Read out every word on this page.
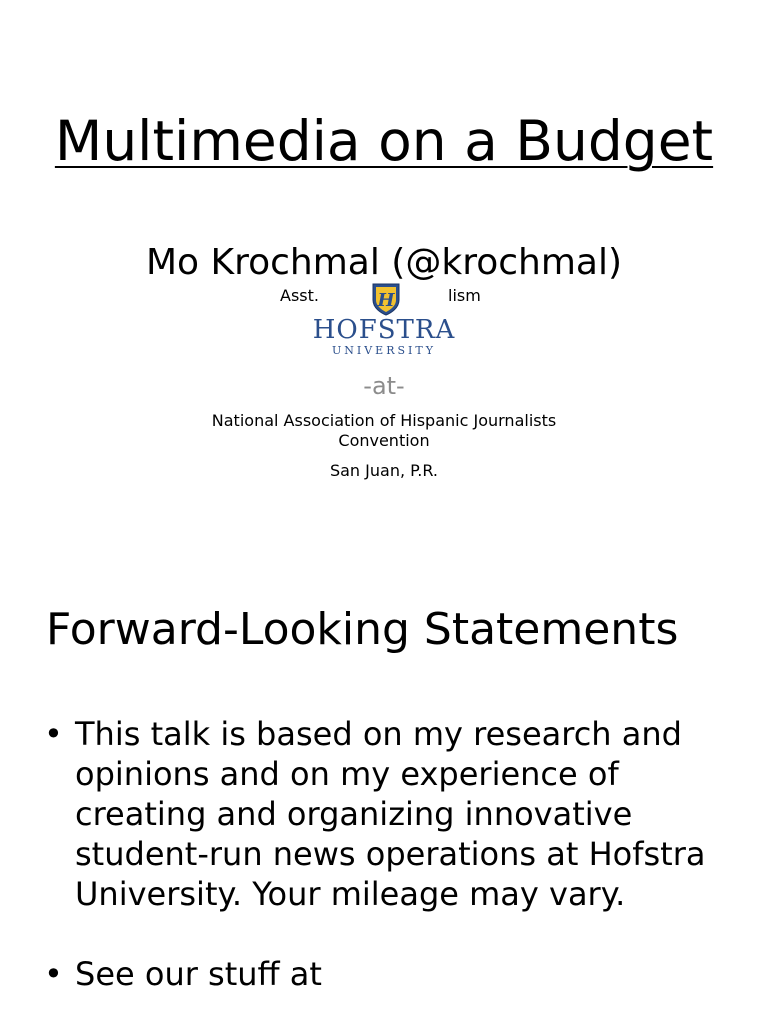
Multimedia on a Budget
Mo Krochmal (@krochmal)
Asst.	H	lism
HOFSTRA
UNIVERSITY
-at-
National Association of Hispanic Journalists Convention
San Juan, P.R.
Forward-Looking Statements
• This talk is based on my research and opinions and on my experience of creating and organizing innovative student-run news operations at Hofstra University. Your mileage may vary.
• See our stuff at
